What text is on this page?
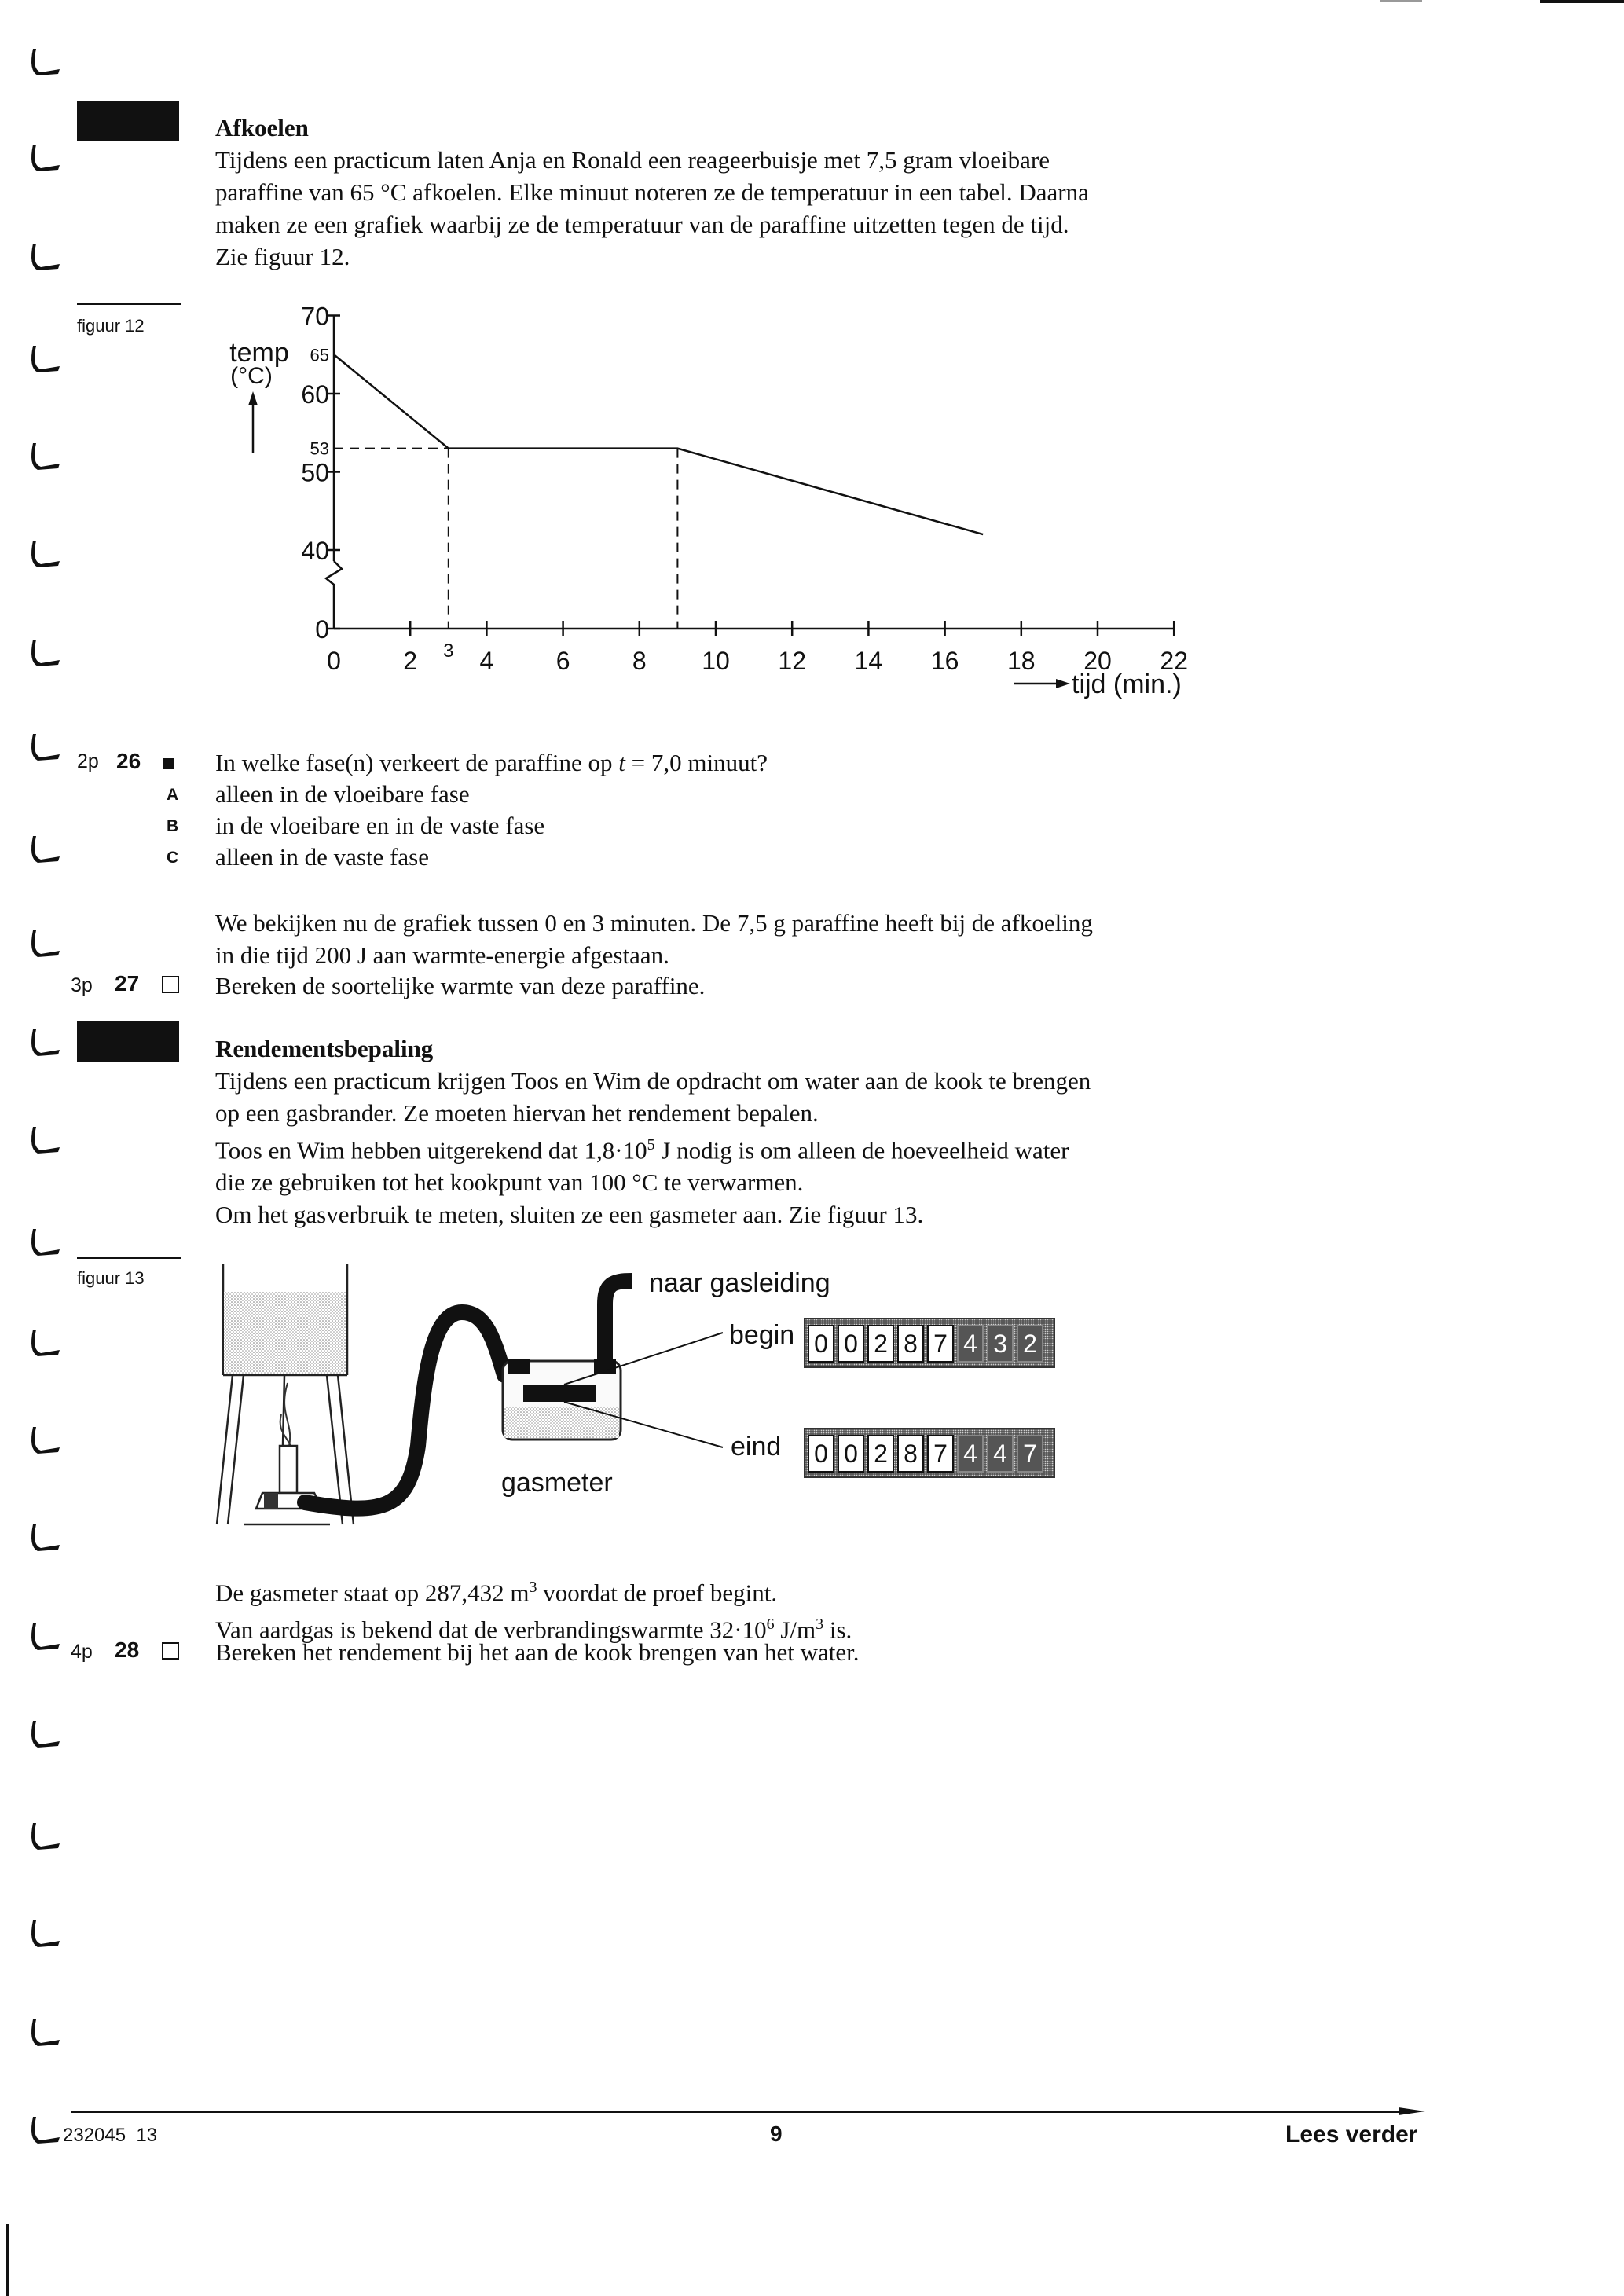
Afkoelen
Tijdens een practicum laten Anja en Ronald een reageerbuisje met 7,5 gram vloeibare
paraffine van 65 °C afkoelen. Elke minuut noteren ze de temperatuur in een tabel. Daarna
maken ze een grafiek waarbij ze de temperatuur van de paraffine uitzetten tegen de tijd.
Zie figuur 12.
figuur 12	70
65
60
53
50
40
0
0 2 3 4 6 8 10 12 14 16 18 20 22
temp
(°C)
tijd (min.)
2p 26	In welke fase(n) verkeert de paraffine op t = 7,0 minuut?
A alleen in de vloeibare fase
B in de vloeibare en in de vaste fase
C alleen in de vaste fase
We bekijken nu de grafiek tussen 0 en 3 minuten. De 7,5 g paraffine heeft bij de afkoeling
in die tijd 200 J aan warmte-energie afgestaan.
3p 27	Bereken de soortelijke warmte van deze paraffine.
Rendementsbepaling
Tijdens een practicum krijgen Toos en Wim de opdracht om water aan de kook te brengen
op een gasbrander. Ze moeten hiervan het rendement bepalen.
Toos en Wim hebben uitgerekend dat $1,8\cdot 10^5$ J nodig is om alleen de hoeveelheid water
die ze gebruiken tot het kookpunt van 100 °C te verwarmen.
Om het gasverbruik te meten, sluiten ze een gasmeter aan. Zie figuur 13.
figuur 13	naar gasleiding
begin
eind
gasmeter
0 0 2 8 7 4 3 2
0 0 2 8 7 4 4 7
De gasmeter staat op 287,432 $m^3$ voordat de proef begint.
Van aardgas is bekend dat de verbrandingswarmte $32\cdot 10^6$ $J/m^3$ is.
4p 28	Bereken het rendement bij het aan de kook brengen van het water.
232045  13	9	Lees verder
